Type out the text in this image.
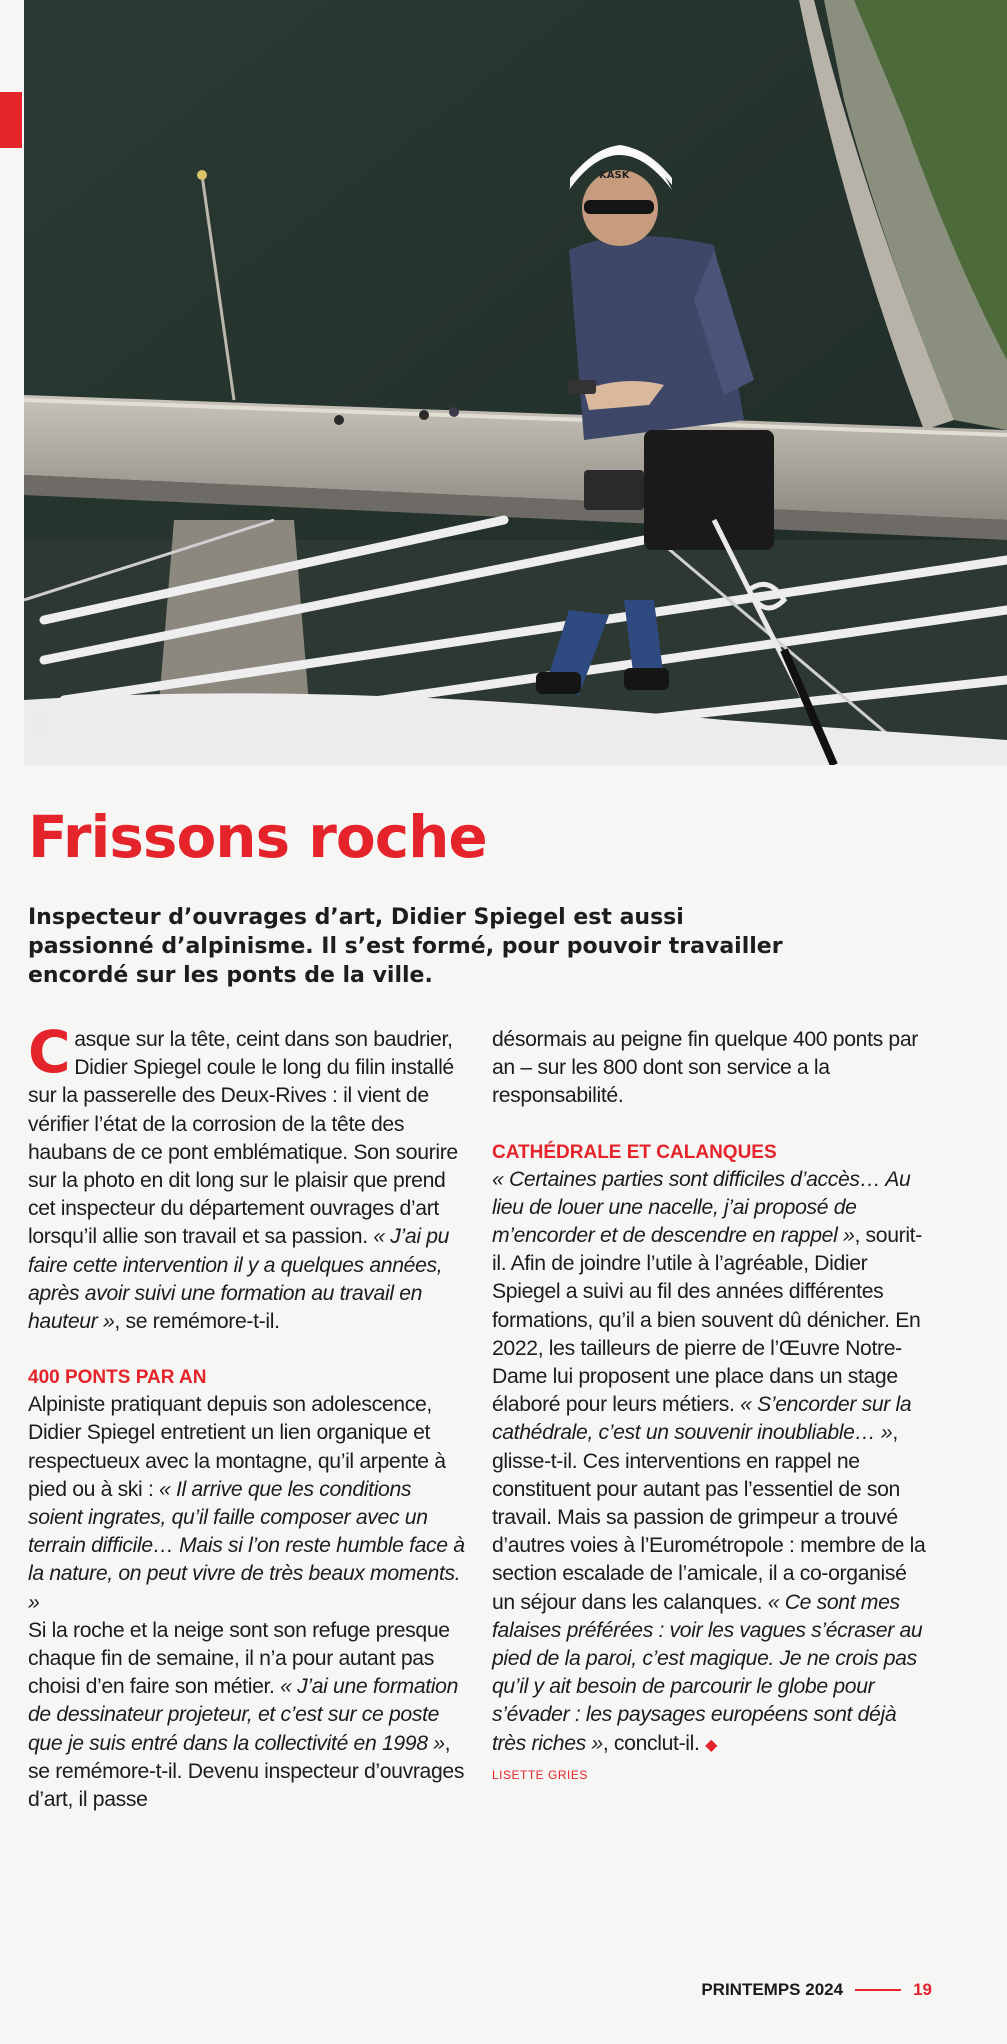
KASK
DR
Frissons roche

Inspecteur d’ouvrages d’art, Didier Spiegel est aussi passionné d’alpinisme. Il s’est formé, pour pouvoir travailler encordé sur les ponts de la ville.

Casque sur la tête, ceint dans son baudrier, Didier Spiegel coule le long du filin installé sur la passerelle des Deux-Rives : il vient de vérifier l’état de la corrosion de la tête des haubans de ce pont emblématique. Son sourire sur la photo en dit long sur le plaisir que prend cet inspecteur du département ouvrages d’art lorsqu’il allie son travail et sa passion. « J’ai pu faire cette intervention il y a quelques années, après avoir suivi une formation au travail en hauteur », se remémore-t-il.

400 PONTS PAR AN

Alpiniste pratiquant depuis son adolescence, Didier Spiegel entretient un lien organique et respectueux avec la montagne, qu’il arpente à pied ou à ski : « Il arrive que les conditions soient ingrates, qu’il faille composer avec un terrain difficile… Mais si l’on reste humble face à la nature, on peut vivre de très beaux moments. »

Si la roche et la neige sont son refuge presque chaque fin de semaine, il n’a pour autant pas choisi d’en faire son métier. « J’ai une formation de dessinateur projeteur, et c’est sur ce poste que je suis entré dans la collectivité en 1998 », se remémore-t-il. Devenu inspecteur d’ouvrages d’art, il passe

désormais au peigne fin quelque 400 ponts par an – sur les 800 dont son service a la responsabilité.

CATHÉDRALE ET CALANQUES

« Certaines parties sont difficiles d’accès… Au lieu de louer une nacelle, j’ai proposé de m’encorder et de descendre en rappel », sourit-il. Afin de joindre l’utile à l’agréable, Didier Spiegel a suivi au fil des années différentes formations, qu’il a bien souvent dû dénicher. En 2022, les tailleurs de pierre de l’Œuvre Notre-Dame lui proposent une place dans un stage élaboré pour leurs métiers. « S’encorder sur la cathédrale, c’est un souvenir inoubliable… », glisse-t-il. Ces interventions en rappel ne constituent pour autant pas l’essentiel de son travail. Mais sa passion de grimpeur a trouvé d’autres voies à l’Eurométropole : membre de la section escalade de l’amicale, il a co-organisé un séjour dans les calanques. « Ce sont mes falaises préférées : voir les vagues s’écraser au pied de la paroi, c’est magique. Je ne crois pas qu’il y ait besoin de parcourir le globe pour s’évader : les paysages européens sont déjà très riches », conclut-il. ◆

LISETTE GRIES
PRINTEMPS 2024	19
